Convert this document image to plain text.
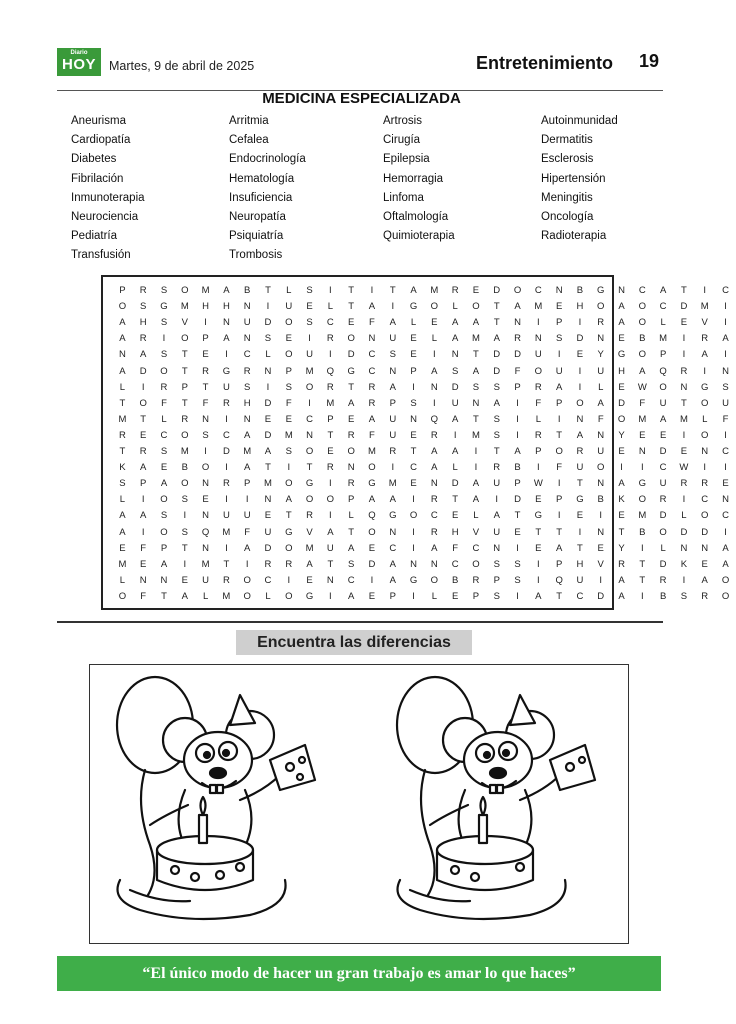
Diario
HOY	Martes, 9 de abril de 2025	Entretenimiento 19
MEDICINA ESPECIALIZADA
Aneurisma	Arritmia	Artrosis	Autoinmunidad
Cardiopatía	Cefalea	Cirugía	Dermatitis
Diabetes	Endocrinología	Epilepsia	Esclerosis
Fibrilación	Hematología	Hemorragia	Hipertensión
Inmunoterapia	Insuficiencia	Linfoma	Meningitis
Neurociencia	Neuropatía	Oftalmología	Oncología
Pediatría	Psiquiatría	Quimioterapia	Radioterapia
Transfusión	Trombosis
P	R	S	O	M	A	B	T	L	S	I	T	I	T	A	M	R	E	D	O	C	N	B	G	N	C	A	T	I	C
O	S	G	M	H	H	N	I	U	E	L	T	A	I	G	O	L	O	T	A	M	E	H	O	A	O	C	D	M	I
A	H	S	V	I	N	U	D	O	S	C	E	F	A	L	E	A	A	T	N	I	P	I	R	A	O	L	E	V	I
A	R	I	O	P	A	N	S	E	I	R	O	N	U	E	L	A	M	A	R	N	S	D	N	E	B	M	I	R	A
N	A	S	T	E	I	C	L	O	U	I	D	C	S	E	I	N	T	D	D	U	I	E	Y	G	O	P	I	A	I
A	D	O	T	R	G	R	N	P	M	Q	G	C	N	P	A	S	A	D	F	O	U	I	U	H	A	Q	R	I	N
L	I	R	P	T	U	S	I	S	O	R	T	R	A	I	N	D	S	S	P	R	A	I	L	E	W	O	N	G	S
T	O	F	T	F	R	H	D	F	I	M	A	R	P	S	I	U	N	A	I	F	P	O	A	D	F	U	T	O	U
M	T	L	R	N	I	N	E	E	C	P	E	A	U	N	Q	A	T	S	I	L	I	N	F	O	M	A	M	L	F
R	E	C	O	S	C	A	D	M	N	T	R	F	U	E	R	I	M	S	I	R	T	A	N	Y	E	E	I	O	I
T	R	S	M	I	D	M	A	S	O	E	O	M	R	T	A	A	I	T	A	P	O	R	U	E	N	D	E	N	C
K	A	E	B	O	I	A	T	I	T	R	N	O	I	C	A	L	I	R	B	I	F	U	O	I	I	C	W	I	I
S	P	A	O	N	R	P	M	O	G	I	R	G	M	E	N	D	A	U	P	W	I	T	N	A	G	U	R	R	E
L	I	O	S	E	I	I	N	A	O	O	P	A	A	I	R	T	A	I	D	E	P	G	B	K	O	R	I	C	N
A	A	S	I	N	U	U	E	T	R	I	L	Q	G	O	C	E	L	A	T	G	I	E	I	E	M	D	L	O	C
A	I	O	S	Q	M	F	U	G	V	A	T	O	N	I	R	H	V	U	E	T	T	I	N	T	B	O	D	D	I
E	F	P	T	N	I	A	D	O	M	U	A	E	C	I	A	F	C	N	I	E	A	T	E	Y	I	L	N	N	A
M	E	A	I	M	T	I	R	R	A	T	S	D	A	N	N	C	O	S	S	I	P	H	V	R	T	D	K	E	A
L	N	N	E	U	R	O	C	I	E	N	C	I	A	G	O	B	R	P	S	I	Q	U	I	A	T	R	I	A	O
O	F	T	A	L	M	O	L	O	G	I	A	E	P	I	L	E	P	S	I	A	T	C	D	A	I	B	S	R	O
Encuentra las diferencias
“El único modo de hacer un gran trabajo es amar lo que haces”
